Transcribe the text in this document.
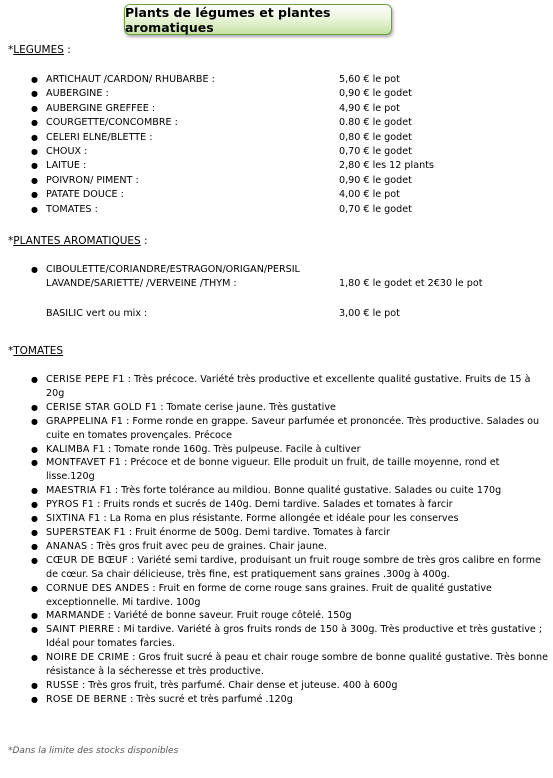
Plants de légumes et plantes aromatiques
*LEGUMES :
● ARTICHAUT /CARDON/ RHUBARBE :	5,60 € le pot

● AUBERGINE :	0,90 € le godet

● AUBERGINE GREFFEE :	4,90 € le pot

● COURGETTE/CONCOMBRE :	0.80 € le godet

● CELERI ELNE/BLETTE :	0,80 € le godet

● CHOUX :	0,70 € le godet

● LAITUE :	2,80 € les 12 plants

● POIVRON/ PIMENT :	0,90 € le godet

● PATATE DOUCE :	4,00 € le pot

● TOMATES :	0,70 € le godet

*PLANTES AROMATIQUES :
● CIBOULETTE/CORIANDRE/ESTRAGON/ORIGAN/PERSIL
LAVANDE/SARIETTE/ /VERVEINE /THYM :	1,80 € le godet et 2€30 le pot
BASILIC vert ou mix :	3,00 € le pot
*TOMATES
● CERISE PEPE F1 : Très précoce. Variété très productive et excellente qualité gustative. Fruits de 15 à 20g
● CERISE STAR GOLD F1 : Tomate cerise jaune. Très gustative
● GRAPPELINA F1 : Forme ronde en grappe. Saveur parfumée et prononcée. Très productive. Salades ou cuite en tomates provençales. Précoce
● KALIMBA F1 : Tomate ronde 160g. Très pulpeuse. Facile à cultiver
● MONTFAVET F1 : Précoce et de bonne vigueur. Elle produit un fruit, de taille moyenne, rond et lisse.120g
● MAESTRIA F1 : Très forte tolérance au mildiou. Bonne qualité gustative. Salades ou cuite 170g
● PYROS F1 : Fruits ronds et sucrés de 140g. Demi tardive. Salades et tomates à farcir
● SIXTINA F1 : La Roma en plus résistante. Forme allongée et idéale pour les conserves
● SUPERSTEAK F1 : Fruit énorme de 500g. Demi tardive. Tomates à farcir
● ANANAS : Très gros fruit avec peu de graines. Chair jaune.
● CŒUR DE BŒUF : Variété semi tardive, produisant un fruit rouge sombre de très gros calibre en forme de cœur. Sa chair délicieuse, très fine, est pratiquement sans graines .300g à 400g.
● CORNUE DES ANDES : Fruit en forme de corne rouge sans graines. Fruit de qualité gustative exceptionnelle. Mi tardive. 100g
● MARMANDE : Variété de bonne saveur. Fruit rouge côtelé. 150g
● SAINT PIERRE : Mi tardive. Variété à gros fruits ronds de 150 à 300g. Très productive et très gustative ; Idéal pour tomates farcies.
● NOIRE DE CRIME : Gros fruit sucré à peau et chair rouge sombre de bonne qualité gustative. Très bonne résistance à la sécheresse et très productive.
● RUSSE : Très gros fruit, très parfumé. Chair dense et juteuse. 400 à 600g
● ROSE DE BERNE : Très sucré et très parfumé .120g
*Dans la limite des stocks disponibles
